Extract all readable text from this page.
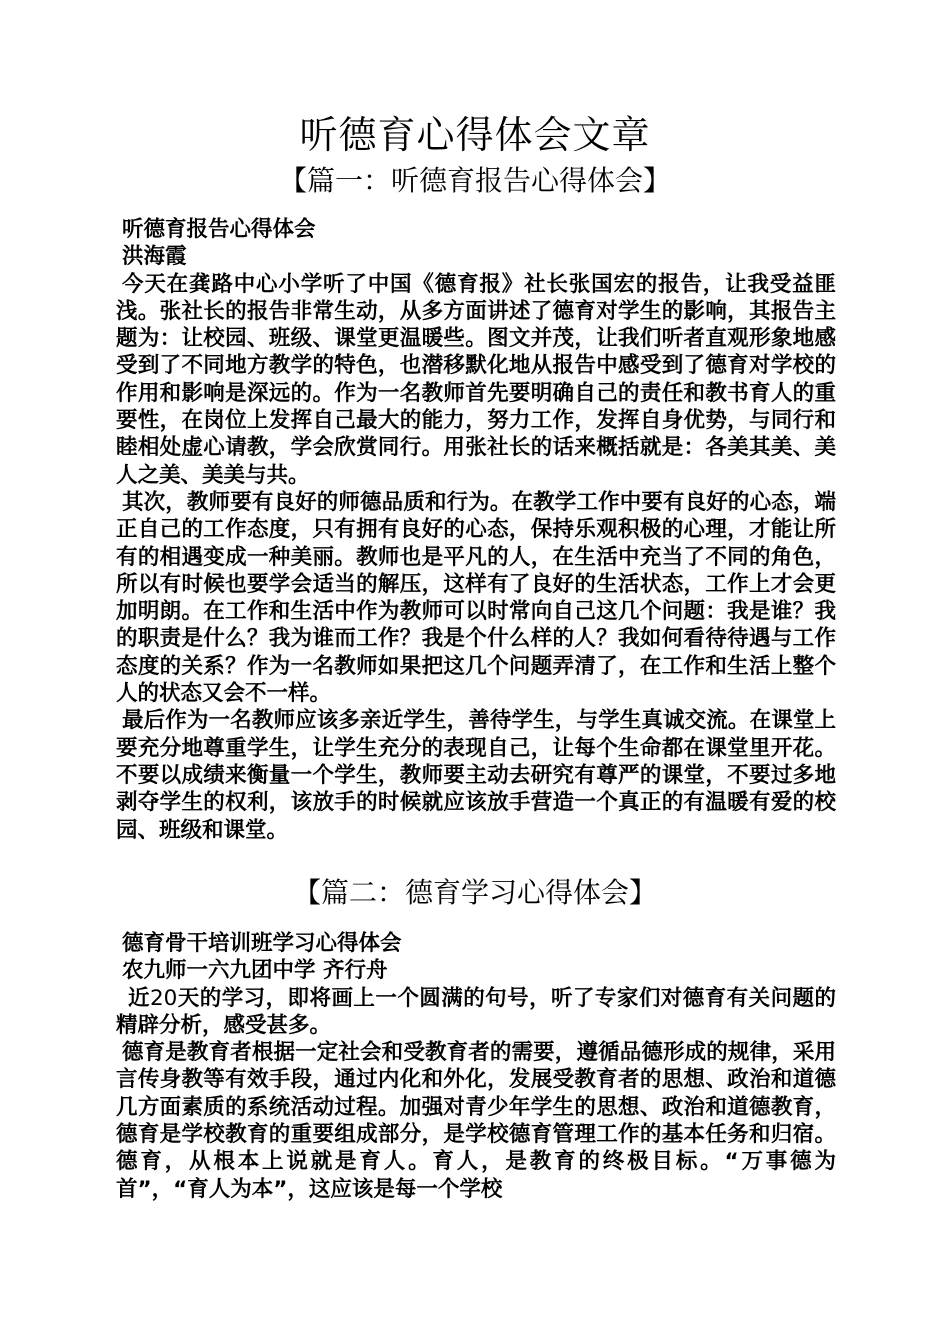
听德育心得体会文章
【篇一：听德育报告心得体会】

听德育报告心得体会

洪海霞

今天在龚路中心小学听了中国《德育报》社长张国宏的报告，让我受益匪浅。张社长的报告非常生动，从多方面讲述了德育对学生的影响，其报告主题为：让校园、班级、课堂更温暖些。图文并茂，让我们听者直观形象地感受到了不同地方教学的特色，也潜移默化地从报告中感受到了德育对学校的作用和影响是深远的。作为一名教师首先要明确自己的责任和教书育人的重要性，在岗位上发挥自己最大的能力，努力工作，发挥自身优势，与同行和睦相处虚心请教，学会欣赏同行。用张社长的话来概括就是：各美其美、美人之美、美美与共。

其次，教师要有良好的师德品质和行为。在教学工作中要有良好的心态，端正自己的工作态度，只有拥有良好的心态，保持乐观积极的心理，才能让所有的相遇变成一种美丽。教师也是平凡的人，在生活中充当了不同的角色，所以有时候也要学会适当的解压，这样有了良好的生活状态，工作上才会更加明朗。在工作和生活中作为教师可以时常向自己这几个问题：我是谁？我的职责是什么？我为谁而工作？我是个什么样的人？我如何看待待遇与工作态度的关系？作为一名教师如果把这几个问题弄清了，在工作和生活上整个人的状态又会不一样。

最后作为一名教师应该多亲近学生，善待学生，与学生真诚交流。在课堂上要充分地尊重学生，让学生充分的表现自己，让每个生命都在课堂里开花。不要以成绩来衡量一个学生，教师要主动去研究有尊严的课堂，不要过多地剥夺学生的权利，该放手的时候就应该放手营造一个真正的有温暖有爱的校园、班级和课堂。

【篇二：德育学习心得体会】

德育骨干培训班学习心得体会

农九师一六九团中学 齐行舟

近20天的学习，即将画上一个圆满的句号，听了专家们对德育有关问题的精辟分析，感受甚多。

德育是教育者根据一定社会和受教育者的需要，遵循品德形成的规律，采用言传身教等有效手段，通过内化和外化，发展受教育者的思想、政治和道德几方面素质的系统活动过程。加强对青少年学生的思想、政治和道德教育，德育是学校教育的重要组成部分，是学校德育管理工作的基本任务和归宿。德育，从根本上说就是育人。育人，是教育的终极目标。“万事德为首”，“育人为本”，这应该是每一个学校
